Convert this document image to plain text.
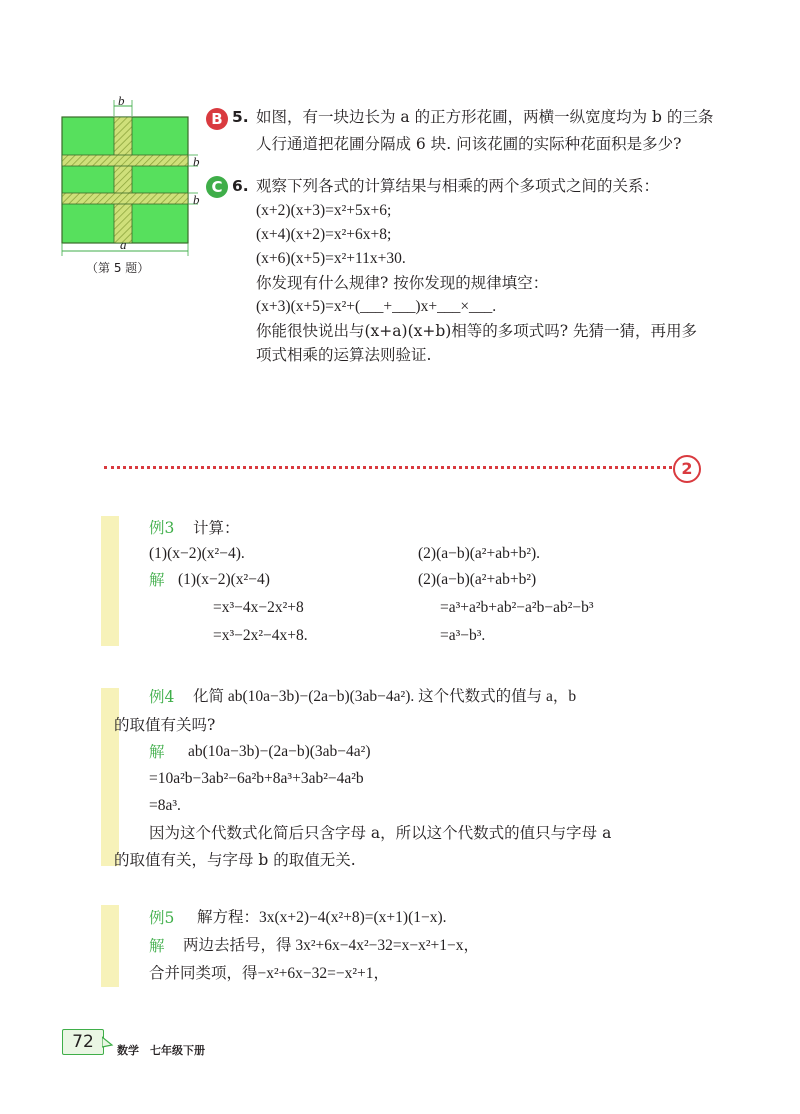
b
b
b
a
（第 5 题）
B 5. 如图，有一块边长为 a 的正方形花圃，两横一纵宽度均为 b 的三条
人行通道把花圃分隔成 6 块. 问该花圃的实际种花面积是多少?
C 6. 观察下列各式的计算结果与相乘的两个多项式之间的关系：
(x+2)(x+3)=x²+5x+6;
(x+4)(x+2)=x²+6x+8;
(x+6)(x+5)=x²+11x+30.
你发现有什么规律? 按你发现的规律填空：
(x+3)(x+5)=x²+(___+___)x+___×___.
你能很快说出与(x+a)(x+b)相等的多项式吗? 先猜一猜，再用多
项式相乘的运算法则验证.
2
例3 计算：
(1)(x−2)(x²−4).	(2)(a−b)(a²+ab+b²).
解 (1)(x−2)(x²−4)
=x³−4x−2x²+8
=x³−2x²−4x+8.
(2)(a−b)(a²+ab+b²)
=a³+a²b+ab²−a²b−ab²−b³
=a³−b³.
例4 化简 ab(10a−3b)−(2a−b)(3ab−4a²). 这个代数式的值与 a，b
的取值有关吗?
解 ab(10a−3b)−(2a−b)(3ab−4a²)
=10a²b−3ab²−6a²b+8a³+3ab²−4a²b
=8a³.
因为这个代数式化简后只含字母 a，所以这个代数式的值只与字母 a
的取值有关，与字母 b 的取值无关.
例5 解方程：3x(x+2)−4(x²+8)=(x+1)(1−x).
解 两边去括号，得 3x²+6x−4x²−32=x−x²+1−x，
合并同类项，得−x²+6x−32=−x²+1，
72	数学　七年级下册
